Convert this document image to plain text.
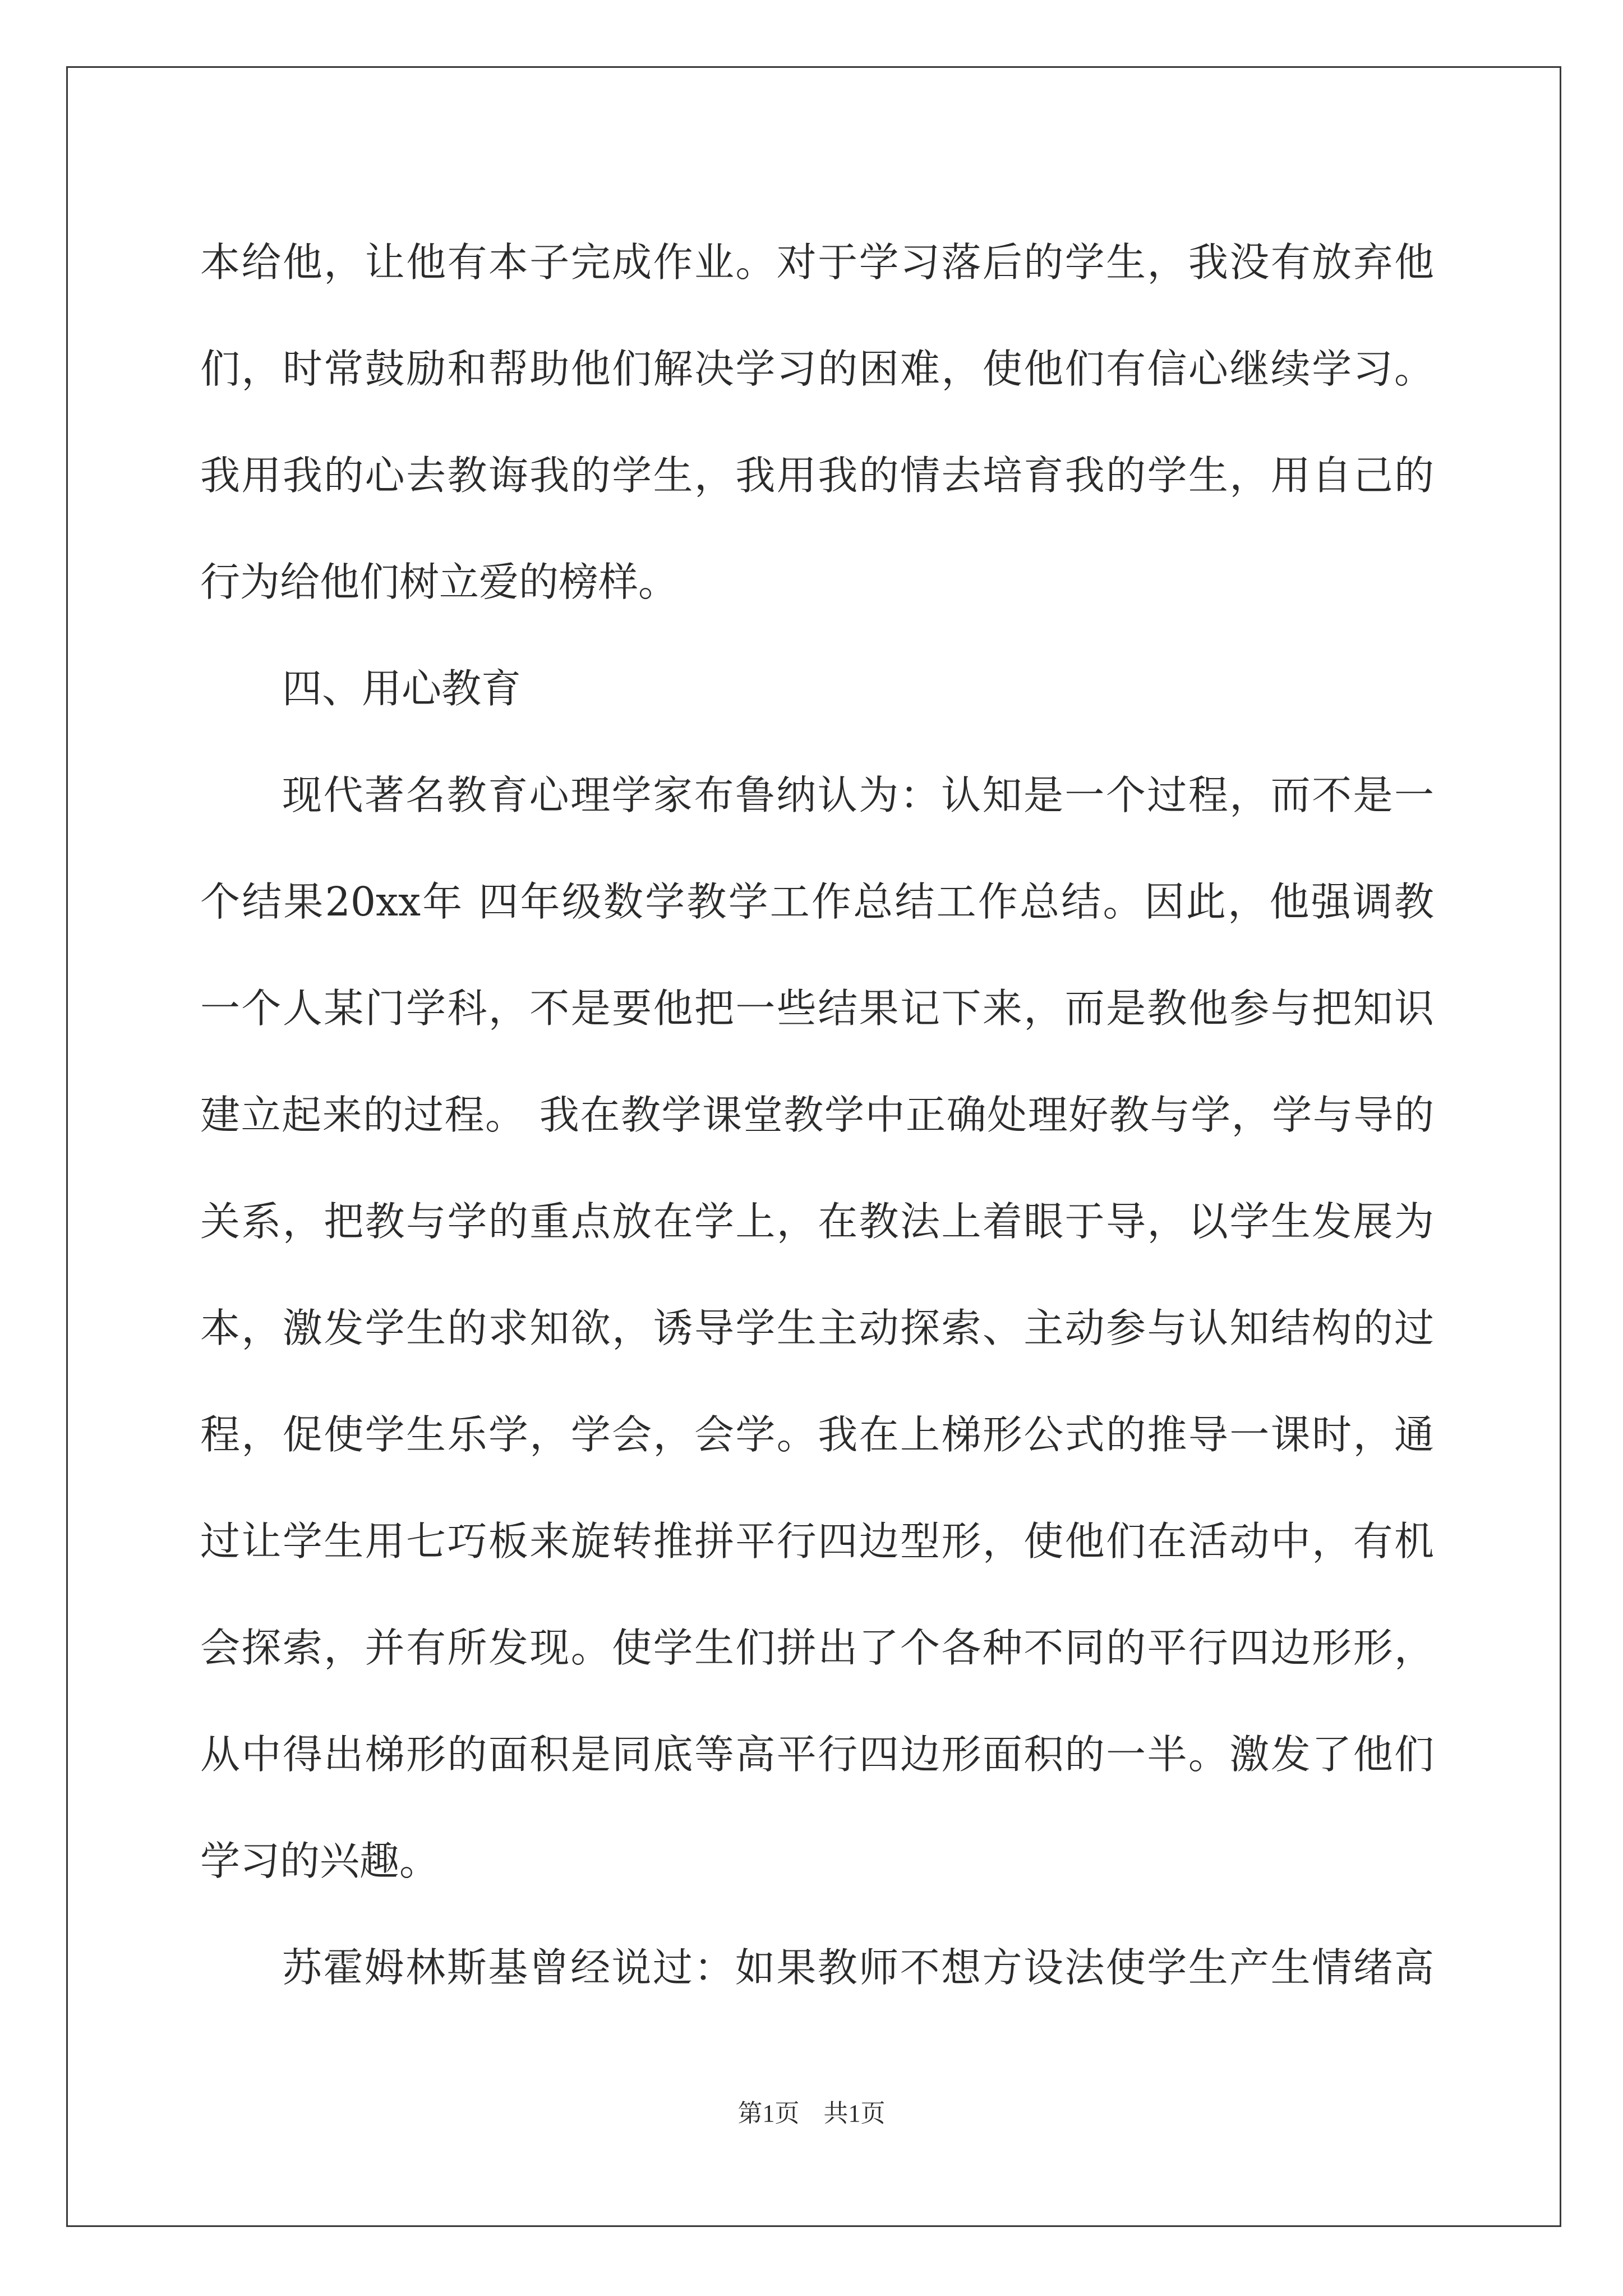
本给他，让他有本子完成作业。对于学习落后的学生，我没有放弃他
们，时常鼓励和帮助他们解决学习的困难，使他们有信心继续学习。
我用我的心去教诲我的学生，我用我的情去培育我的学生，用自己的
行为给他们树立爱的榜样。
四、用心教育
现代著名教育心理学家布鲁纳认为：认知是一个过程，而不是一
个结果20xx年 四年级数学教学工作总结工作总结。因此，他强调教
一个人某门学科，不是要他把一些结果记下来，而是教他参与把知识
建立起来的过程。 我在教学课堂教学中正确处理好教与学，学与导的
关系，把教与学的重点放在学上，在教法上着眼于导，以学生发展为
本，激发学生的求知欲，诱导学生主动探索、主动参与认知结构的过
程，促使学生乐学，学会，会学。我在上梯形公式的推导一课时，通
过让学生用七巧板来旋转推拼平行四边型形，使他们在活动中，有机
会探索，并有所发现。使学生们拼出了个各种不同的平行四边形形，
从中得出梯形的面积是同底等高平行四边形面积的一半。激发了他们
学习的兴趣。
苏霍姆林斯基曾经说过：如果教师不想方设法使学生产生情绪高
第1页 共1页
